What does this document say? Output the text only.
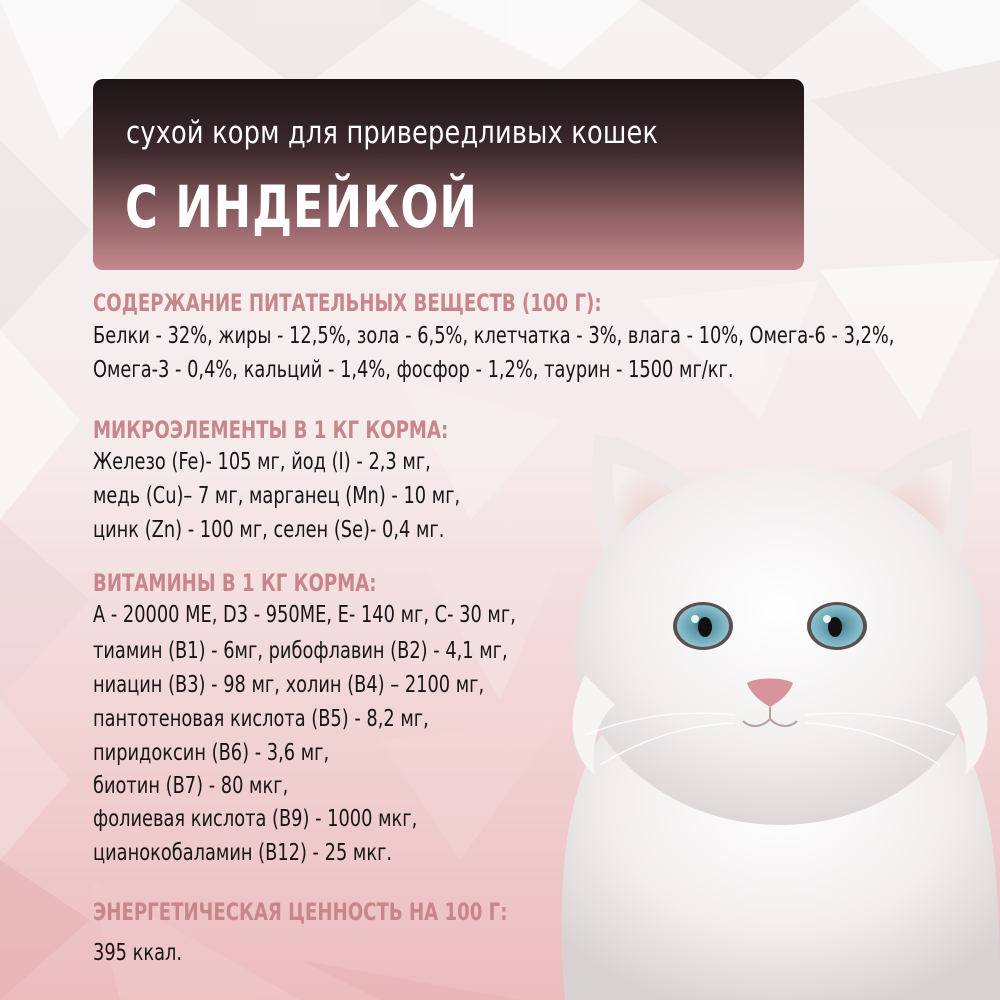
сухой корм для привередливых кошек
С ИНДЕЙКОЙ
СОДЕРЖАНИЕ ПИТАТЕЛЬНЫХ ВЕЩЕСТВ (100 Г):
Белки - 32%, жиры - 12,5%, зола - 6,5%, клетчатка - 3%, влага - 10%, Омега-6 - 3,2%,
Омега-3 - 0,4%, кальций - 1,4%, фосфор - 1,2%, таурин - 1500 мг/кг.
МИКРОЭЛЕМЕНТЫ В 1 КГ КОРМА:
Железо (Fe)- 105 мг, йод (I) - 2,3 мг,
медь (Cu)– 7 мг, марганец (Mn) - 10 мг,
цинк (Zn) - 100 мг, селен (Se)- 0,4 мг.
ВИТАМИНЫ В 1 КГ КОРМА:
А - 20000 МЕ, D3 - 950МЕ, Е- 140 мг, С- 30 мг,
тиамин (В1) - 6мг, рибофлавин (В2) - 4,1 мг,
ниацин (В3) - 98 мг, холин (В4) – 2100 мг,
пантотеновая кислота (В5) - 8,2 мг,
пиридоксин (В6) - 3,6 мг,
биотин (В7) - 80 мкг,
фолиевая кислота (В9) - 1000 мкг,
цианокобаламин (В12) - 25 мкг.
ЭНЕРГЕТИЧЕСКАЯ ЦЕННОСТЬ НА 100 Г:
395 ккал.
